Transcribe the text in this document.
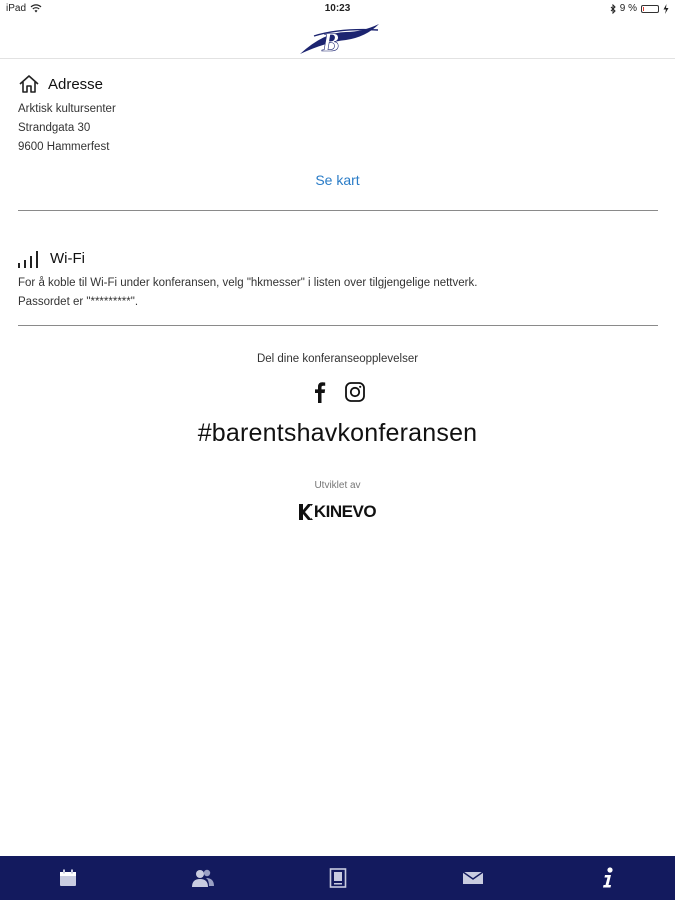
iPad	10:23	9 %
B
Adresse
Arktisk kultursenter
Strandgata 30
9600 Hammerfest
Se kart
Wi-Fi
For å koble til Wi-Fi under konferansen, velg "hkmesser" i listen over tilgjengelige nettverk.
Passordet er "*********".
Del dine konferanseopplevelser
#barentshavkonferansen
Utviklet av
KINEVO
